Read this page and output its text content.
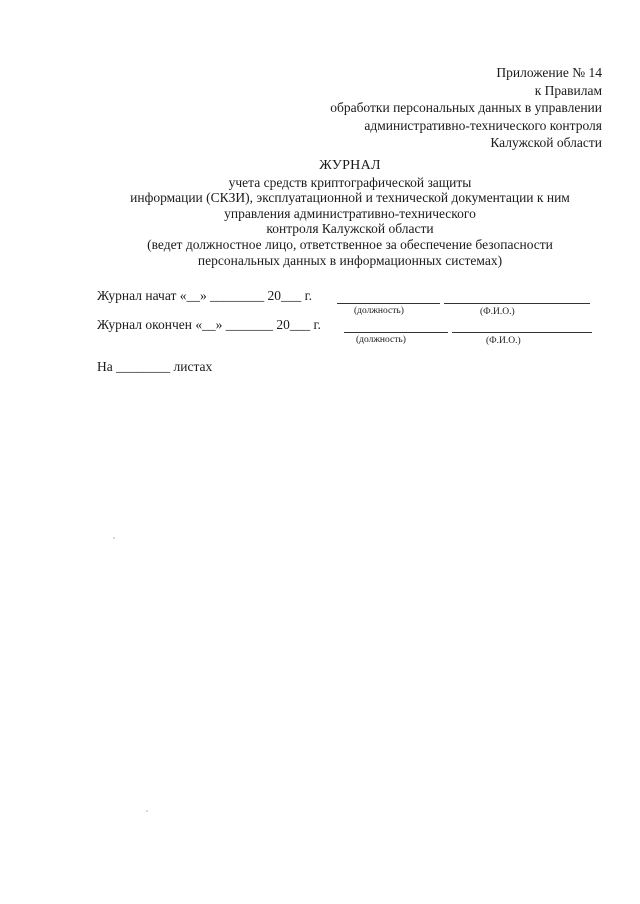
Приложение № 14
к Правилам
обработки персональных данных в управлении
административно-технического контроля
Калужской области
ЖУРНАЛ
учета средств криптографической защиты
информации (СКЗИ), эксплуатационной и технической документации к ним
управления административно-технического
контроля Калужской области
(ведет должностное лицо, ответственное за обеспечение безопасности
персональных данных в информационных системах)
Журнал начат «__» ________ 20___ г.
(должность)	(Ф.И.О.)
Журнал окончен «__» _______ 20___ г.
(должность)	(Ф.И.О.)
На ________ листах
